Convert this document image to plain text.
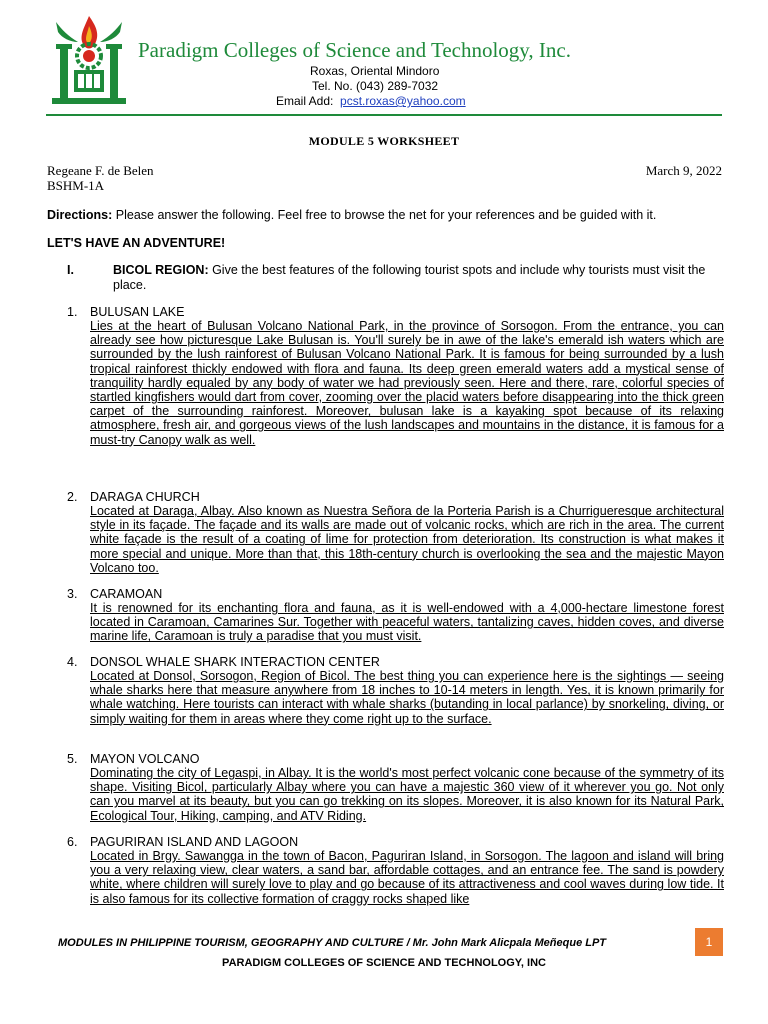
Paradigm Colleges of Science and Technology, Inc.
Roxas, Oriental Mindoro
Tel. No. (043) 289-7032
Email Add: pcst.roxas@yahoo.com
MODULE 5 WORKSHEET
Regeane F. de Belen
BSHM-1A
March 9, 2022
Directions: Please answer the following. Feel free to browse the net for your references and be guided with it.
LET'S HAVE AN ADVENTURE!
I.	BICOL REGION: Give the best features of the following tourist spots and include why tourists must visit the place.
1. BULUSAN LAKE
Lies at the heart of Bulusan Volcano National Park, in the province of Sorsogon. From the entrance, you can already see how picturesque Lake Bulusan is. You'll surely be in awe of the lake's emerald ish waters which are surrounded by the lush rainforest of Bulusan Volcano National Park. It is famous for being surrounded by a lush tropical rainforest thickly endowed with flora and fauna. Its deep green emerald waters add a mystical sense of tranquility hardly equaled by any body of water we had previously seen. Here and there, rare, colorful species of startled kingfishers would dart from cover, zooming over the placid waters before disappearing into the thick green carpet of the surrounding rainforest. Moreover, bulusan lake is a kayaking spot because of its relaxing atmosphere, fresh air, and gorgeous views of the lush landscapes and mountains in the distance, it is famous for a must-try Canopy walk as well.
2. DARAGA CHURCH
Located at Daraga, Albay. Also known as Nuestra Señora de la Porteria Parish is a Churrigueresque architectural style in its façade. The façade and its walls are made out of volcanic rocks, which are rich in the area. The current white façade is the result of a coating of lime for protection from deterioration. Its construction is what makes it more special and unique. More than that, this 18th-century church is overlooking the sea and the majestic Mayon Volcano too.
3. CARAMOAN
It is renowned for its enchanting flora and fauna, as it is well-endowed with a 4,000-hectare limestone forest located in Caramoan, Camarines Sur. Together with peaceful waters, tantalizing caves, hidden coves, and diverse marine life, Caramoan is truly a paradise that you must visit.
4. DONSOL WHALE SHARK INTERACTION CENTER
Located at Donsol, Sorsogon, Region of Bicol. The best thing you can experience here is the sightings — seeing whale sharks here that measure anywhere from 18 inches to 10-14 meters in length. Yes, it is known primarily for whale watching. Here tourists can interact with whale sharks (butanding in local parlance) by snorkeling, diving, or simply waiting for them in areas where they come right up to the surface.
5. MAYON VOLCANO
Dominating the city of Legaspi, in Albay. It is the world's most perfect volcanic cone because of the symmetry of its shape. Visiting Bicol, particularly Albay where you can have a majestic 360 view of it wherever you go. Not only can you marvel at its beauty, but you can go trekking on its slopes. Moreover, it is also known for its Natural Park, Ecological Tour, Hiking, camping, and ATV Riding.
6. PAGURIRAN ISLAND AND LAGOON
Located in Brgy. Sawangga in the town of Bacon, Paguriran Island, in Sorsogon. The lagoon and island will bring you a very relaxing view, clear waters, a sand bar, affordable cottages, and an entrance fee. The sand is powdery white, where children will surely love to play and go because of its attractiveness and cool waves during low tide. It is also famous for its collective formation of craggy rocks shaped like
MODULES IN PHILIPPINE TOURISM, GEOGRAPHY AND CULTURE / Mr. John Mark Alicpala Meñeque LPT	1
PARADIGM COLLEGES OF SCIENCE AND TECHNOLOGY, INC
